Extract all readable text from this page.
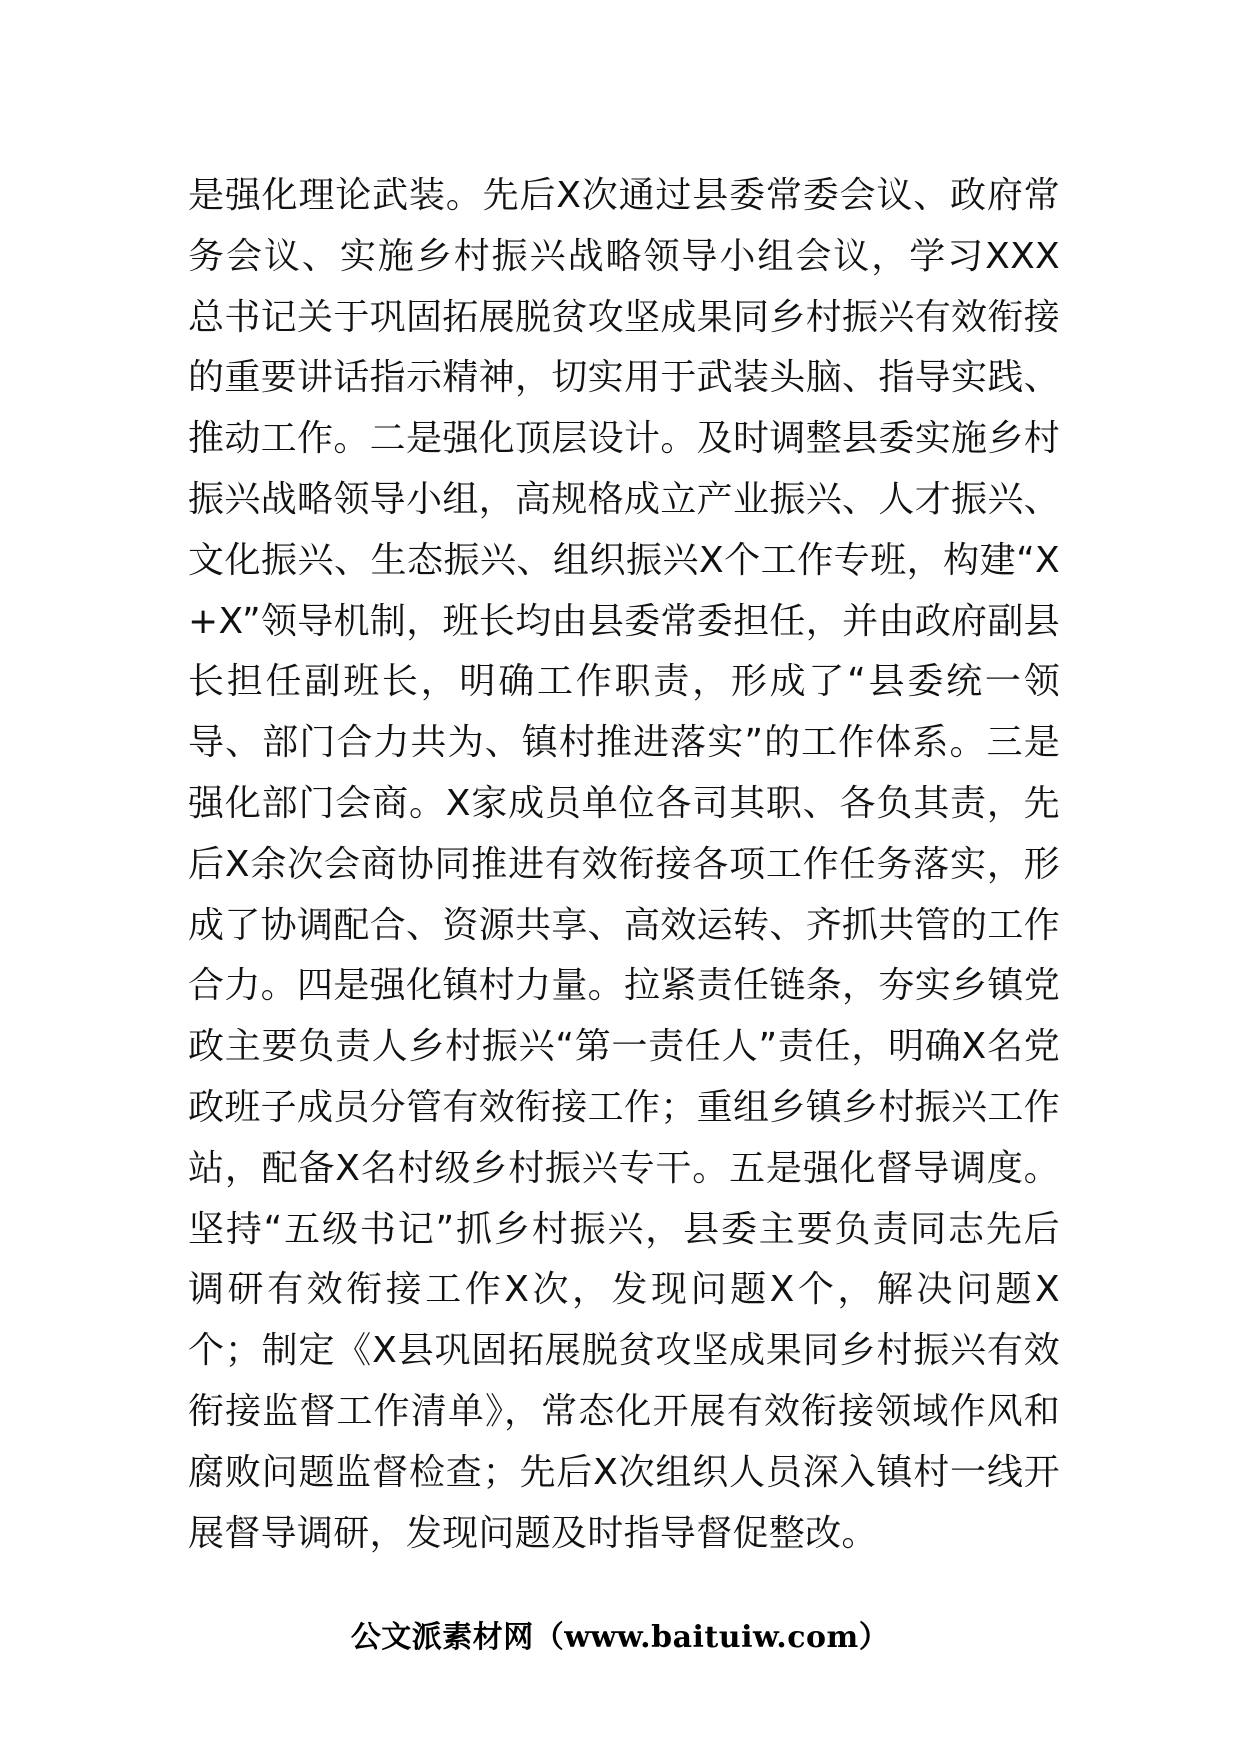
是强化理论武装。先后X次通过县委常委会议、政府常务会议、实施乡村振兴战略领导小组会议，学习XXX总书记关于巩固拓展脱贫攻坚成果同乡村振兴有效衔接的重要讲话指示精神，切实用于武装头脑、指导实践、推动工作。二是强化顶层设计。及时调整县委实施乡村振兴战略领导小组，高规格成立产业振兴、人才振兴、文化振兴、生态振兴、组织振兴X个工作专班，构建“X+X”领导机制，班长均由县委常委担任，并由政府副县长担任副班长，明确工作职责，形成了“县委统一领导、部门合力共为、镇村推进落实”的工作体系。三是强化部门会商。X家成员单位各司其职、各负其责，先后X余次会商协同推进有效衔接各项工作任务落实，形成了协调配合、资源共享、高效运转、齐抓共管的工作合力。四是强化镇村力量。拉紧责任链条，夯实乡镇党政主要负责人乡村振兴“第一责任人”责任，明确X名党政班子成员分管有效衔接工作；重组乡镇乡村振兴工作站，配备X名村级乡村振兴专干。五是强化督导调度。坚持“五级书记”抓乡村振兴，县委主要负责同志先后调研有效衔接工作X次，发现问题X个，解决问题X个；制定《X县巩固拓展脱贫攻坚成果同乡村振兴有效衔接监督工作清单》，常态化开展有效衔接领域作风和腐败问题监督检查；先后X次组织人员深入镇村一线开展督导调研，发现问题及时指导督促整改。

公文派素材网（www.baituiw.com）
